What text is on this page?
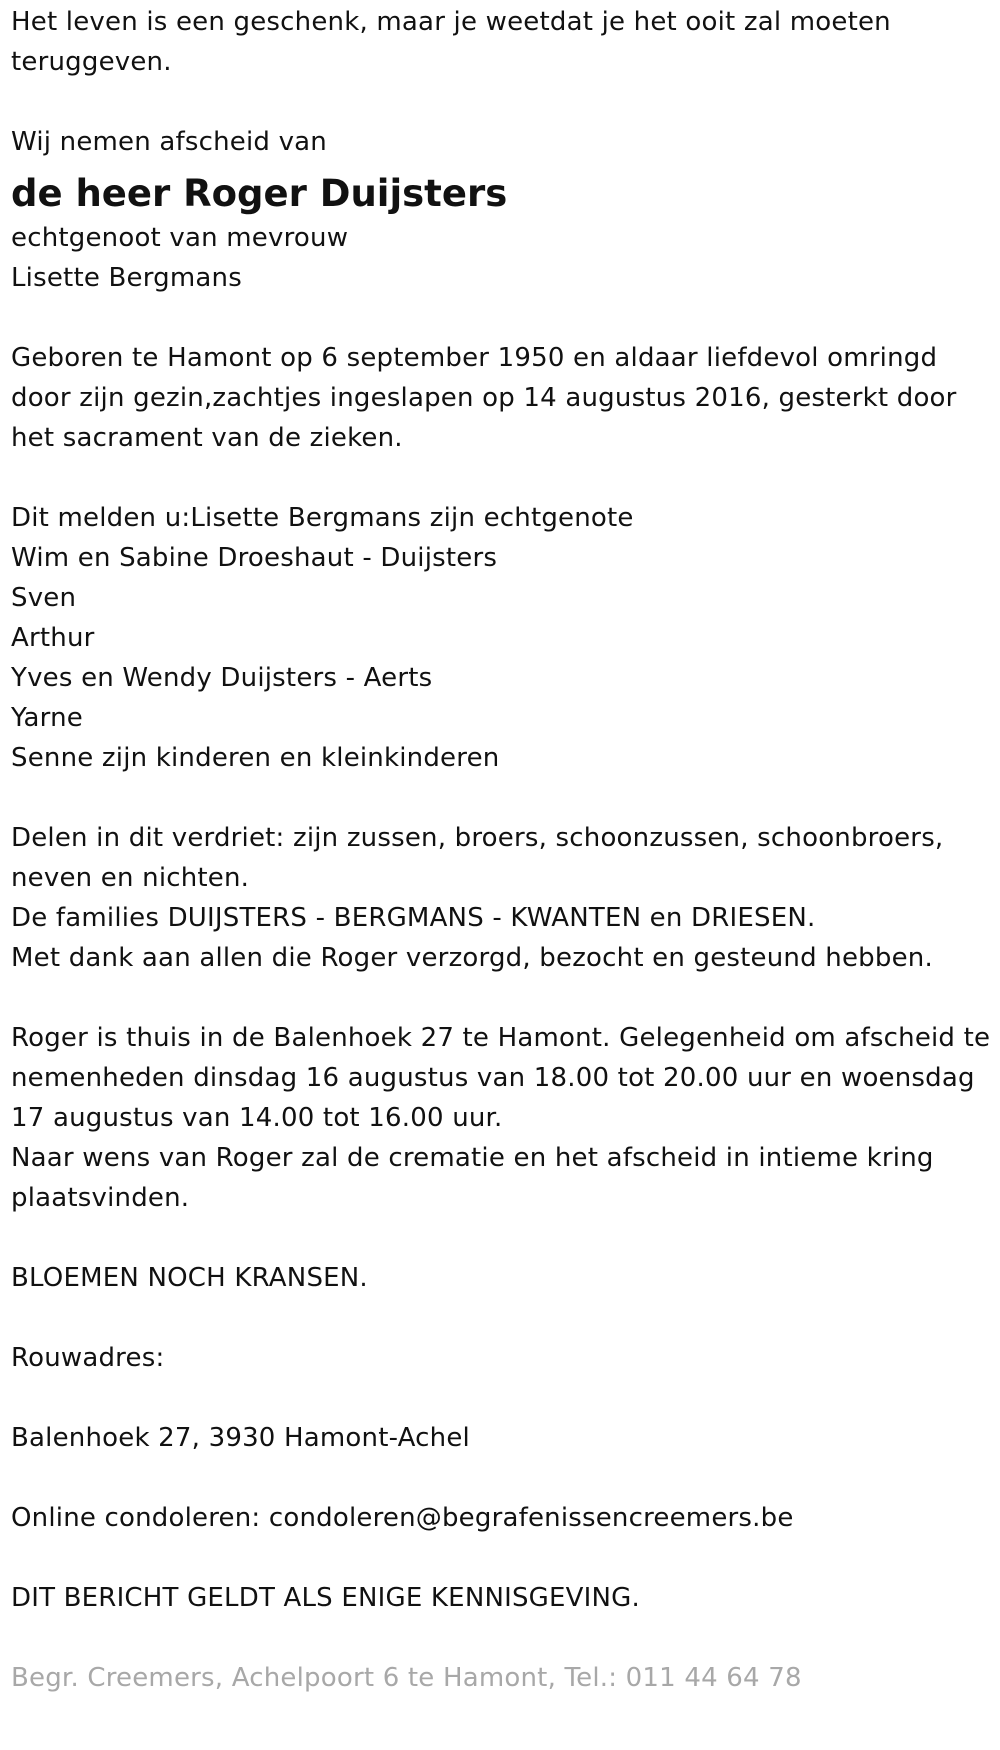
Het leven is een geschenk, maar je weetdat je het ooit zal moeten
teruggeven.
Wij nemen afscheid van
de heer Roger Duijsters
echtgenoot van mevrouw
Lisette Bergmans
Geboren te Hamont op 6 september 1950 en aldaar liefdevol omringd
door zijn gezin,zachtjes ingeslapen op 14 augustus 2016, gesterkt door
het sacrament van de zieken.
Dit melden u:Lisette Bergmans zijn echtgenote
Wim en Sabine Droeshaut - Duijsters
Sven
Arthur
Yves en Wendy Duijsters - Aerts
Yarne
Senne zijn kinderen en kleinkinderen
Delen in dit verdriet: zijn zussen, broers, schoonzussen, schoonbroers,
neven en nichten.
De families DUIJSTERS - BERGMANS - KWANTEN en DRIESEN.
Met dank aan allen die Roger verzorgd, bezocht en gesteund hebben.
Roger is thuis in de Balenhoek 27 te Hamont. Gelegenheid om afscheid te
nemenheden dinsdag 16 augustus van 18.00 tot 20.00 uur en woensdag
17 augustus van 14.00 tot 16.00 uur.
Naar wens van Roger zal de crematie en het afscheid in intieme kring
plaatsvinden.
BLOEMEN NOCH KRANSEN.
Rouwadres:
Balenhoek 27, 3930 Hamont-Achel
Online condoleren: condoleren@begrafenissencreemers.be
DIT BERICHT GELDT ALS ENIGE KENNISGEVING.
Begr. Creemers, Achelpoort 6 te Hamont, Tel.: 011 44 64 78
